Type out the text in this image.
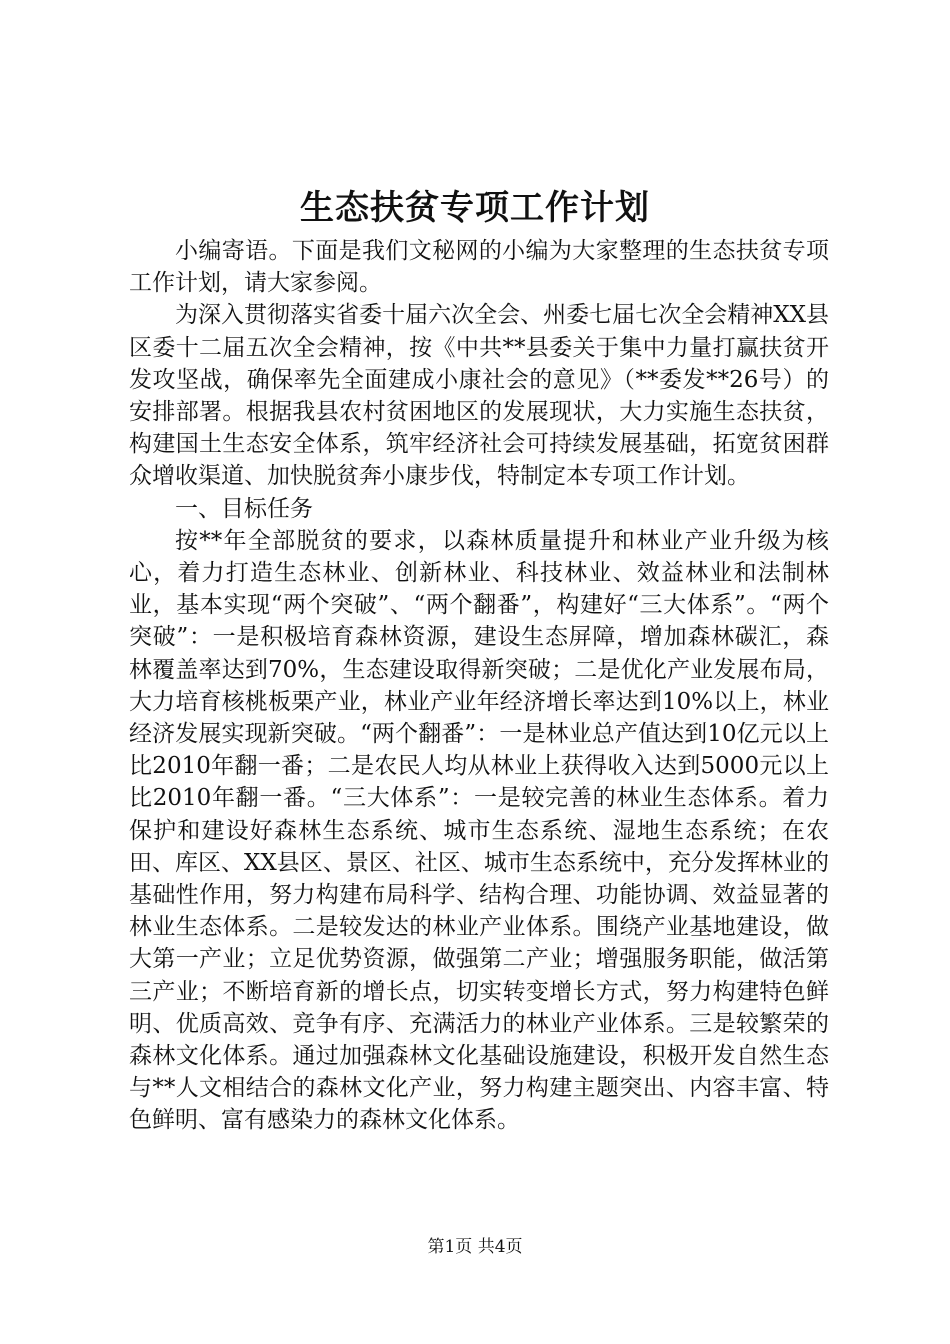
生态扶贫专项工作计划

小编寄语。下面是我们文秘网的小编为大家整理的生态扶贫专项工作计划，请大家参阅。

为深入贯彻落实省委十届六次全会、州委七届七次全会精神XX县区委十二届五次全会精神，按《中共**县委关于集中力量打赢扶贫开发攻坚战，确保率先全面建成小康社会的意见》（**委发**26号）的安排部署。根据我县农村贫困地区的发展现状，大力实施生态扶贫，构建国土生态安全体系，筑牢经济社会可持续发展基础，拓宽贫困群众增收渠道、加快脱贫奔小康步伐，特制定本专项工作计划。

一、目标任务

按**年全部脱贫的要求，以森林质量提升和林业产业升级为核心，着力打造生态林业、创新林业、科技林业、效益林业和法制林业，基本实现“两个突破”、“两个翻番”，构建好“三大体系”。“两个突破”：一是积极培育森林资源，建设生态屏障，增加森林碳汇，森林覆盖率达到70%，生态建设取得新突破；二是优化产业发展布局，大力培育核桃板栗产业，林业产业年经济增长率达到10%以上，林业经济发展实现新突破。“两个翻番”：一是林业总产值达到10亿元以上比2010年翻一番；二是农民人均从林业上获得收入达到5000元以上比2010年翻一番。“三大体系”：一是较完善的林业生态体系。着力保护和建设好森林生态系统、城市生态系统、湿地生态系统；在农田、库区、XX县区、景区、社区、城市生态系统中，充分发挥林业的基础性作用，努力构建布局科学、结构合理、功能协调、效益显著的林业生态体系。二是较发达的林业产业体系。围绕产业基地建设，做大第一产业；立足优势资源，做强第二产业；增强服务职能，做活第三产业；不断培育新的增长点，切实转变增长方式，努力构建特色鲜明、优质高效、竞争有序、充满活力的林业产业体系。三是较繁荣的森林文化体系。通过加强森林文化基础设施建设，积极开发自然生态与**人文相结合的森林文化产业，努力构建主题突出、内容丰富、特色鲜明、富有感染力的森林文化体系。

第1页 共4页
